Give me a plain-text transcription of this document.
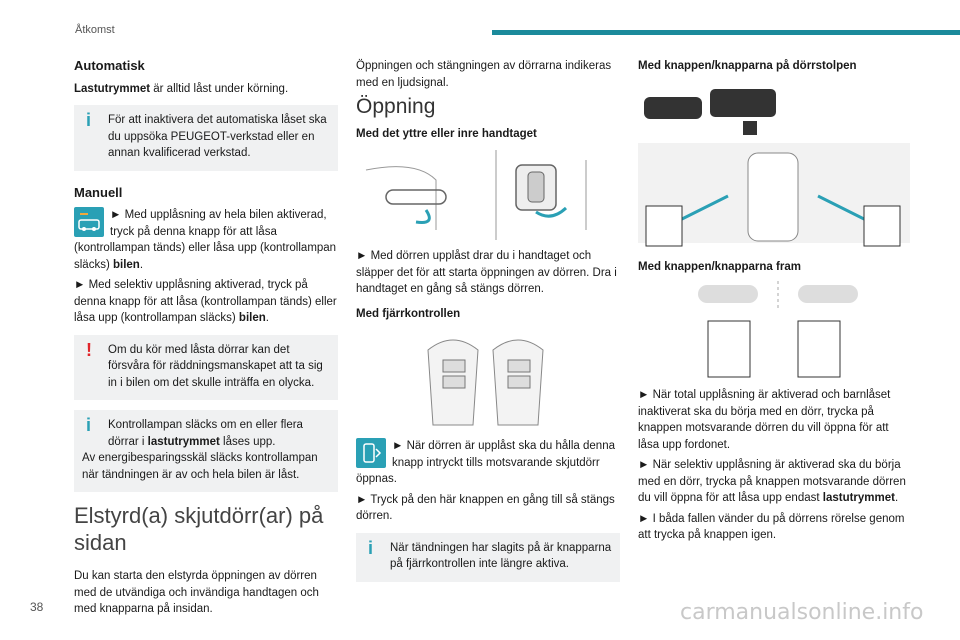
Åtkomst
Automatisk
Lastutrymmet är alltid låst under körning.
i	För att inaktivera det automatiska låset ska du uppsöka PEUGEOT-verkstad eller en annan kvalificerad verkstad.
Manuell
► Med upplåsning av hela bilen aktiverad, tryck på denna knapp för att låsa (kontrollampan tänds) eller låsa upp (kontrollampan släcks) bilen.
► Med selektiv upplåsning aktiverad, tryck på denna knapp för att låsa (kontrollampan tänds) eller låsa upp (kontrollampan släcks) bilen.
!	Om du kör med låsta dörrar kan det försvåra för räddningsmanskapet att ta sig in i bilen om det skulle inträffa en olycka.
i	Kontrollampan släcks om en eller flera dörrar i lastutrymmet låses upp.
Av energibesparingsskäl släcks kontrollampan när tändningen är av och hela bilen är låst.
Elstyrd(a) skjutdörr(ar) på sidan
Du kan starta den elstyrda öppningen av dörren med de utvändiga och invändiga handtagen och med knapparna på insidan.
Öppningen och stängningen av dörrarna indikeras med en ljudsignal.
Öppning
Med det yttre eller inre handtaget
► Med dörren upplåst drar du i handtaget och släpper det för att starta öppningen av dörren. Dra i handtaget en gång så stängs dörren.
Med fjärrkontrollen
► När dörren är upplåst ska du hålla denna knapp intryckt tills motsvarande skjutdörr öppnas.
► Tryck på den här knappen en gång till så stängs dörren.
i	När tändningen har slagits på är knapparna på fjärrkontrollen inte längre aktiva.
Med knappen/knapparna på dörrstolpen
Med knappen/knapparna fram
► När total upplåsning är aktiverad och barnlåset inaktiverat ska du börja med en dörr, trycka på knappen motsvarande dörren du vill öppna för att låsa upp fordonet.
► När selektiv upplåsning är aktiverad ska du börja med en dörr, trycka på knappen motsvarande dörren du vill öppna för att låsa upp endast lastutrymmet.
► I båda fallen vänder du på dörrens rörelse genom att trycka på knappen igen.
38	carmanualsonline.info
